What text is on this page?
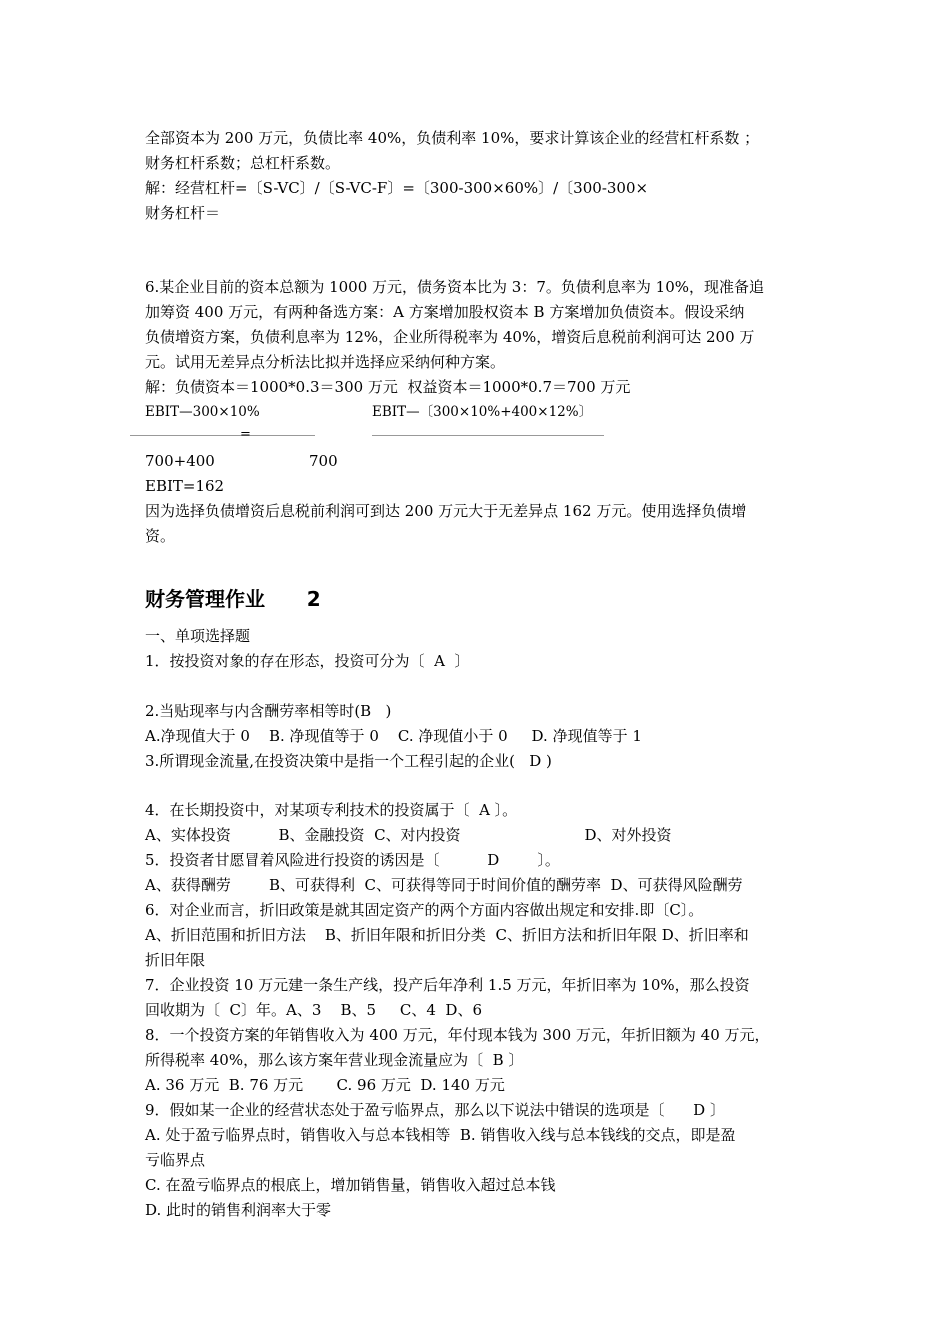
全部资本为 200 万元，负债比率 40%，负债利率 10%，要求计算该企业的经营杠杆系数 ；
财务杠杆系数；总杠杆系数。
解：经营杠杆=〔S-VC〕/〔S-VC-F〕=〔300-300×60%〕/〔300-300×
财务杠杆＝
6.某企业目前的资本总额为 1000 万元，债务资本比为 3：7。负债利息率为 10%，现准备追
加筹资 400 万元，有两种备选方案：A 方案增加股权资本 B 方案增加负债资本。假设采纳
负债增资方案，负债利息率为 12%，企业所得税率为 40%，增资后息税前利润可达 200 万
元。试用无差异点分析法比拟并选择应采纳何种方案。
解：负债资本＝1000*0.3＝300 万元  权益资本＝1000*0.7＝700 万元
EBIT—300×10%	EBIT—〔300×10%+400×12%〕
=
700+400	700
EBIT=162
因为选择负债增资后息税前利润可到达 200 万元大于无差异点 162 万元。使用选择负债增
资。
财务管理作业      2
一、单项选择题
1．按投资对象的存在形态，投资可分为〔  A  〕
2.当贴现率与内含酬劳率相等时(B   )
A.净现值大于 0    B. 净现值等于 0    C. 净现值小于 0     D. 净现值等于 1
3.所谓现金流量,在投资决策中是指一个工程引起的企业(   D )
4．在长期投资中，对某项专利技术的投资属于〔  A 〕。
A、实体投资          B、金融投资  C、对内投资                          D、对外投资
5．投资者甘愿冒着风险进行投资的诱因是〔          D        〕。
A、获得酬劳        B、可获得利  C、可获得等同于时间价值的酬劳率  D、可获得风险酬劳
6．对企业而言，折旧政策是就其固定资产的两个方面内容做出规定和安排.即〔C〕。
A、折旧范围和折旧方法    B、折旧年限和折旧分类  C、折旧方法和折旧年限 D、折旧率和
折旧年限
7．企业投资 10 万元建一条生产线，投产后年净利 1.5 万元，年折旧率为 10%，那么投资
回收期为〔  C〕年。A、3    B、5     C、4  D、6
8．一个投资方案的年销售收入为 400 万元，年付现本钱为 300 万元，年折旧额为 40 万元，
所得税率 40%，那么该方案年营业现金流量应为〔  B 〕
A. 36 万元  B. 76 万元       C. 96 万元  D. 140 万元
9．假如某一企业的经营状态处于盈亏临界点，那么以下说法中错误的选项是〔      D 〕
A. 处于盈亏临界点时，销售收入与总本钱相等  B. 销售收入线与总本钱线的交点，即是盈
亏临界点
C. 在盈亏临界点的根底上，增加销售量，销售收入超过总本钱
D. 此时的销售利润率大于零
